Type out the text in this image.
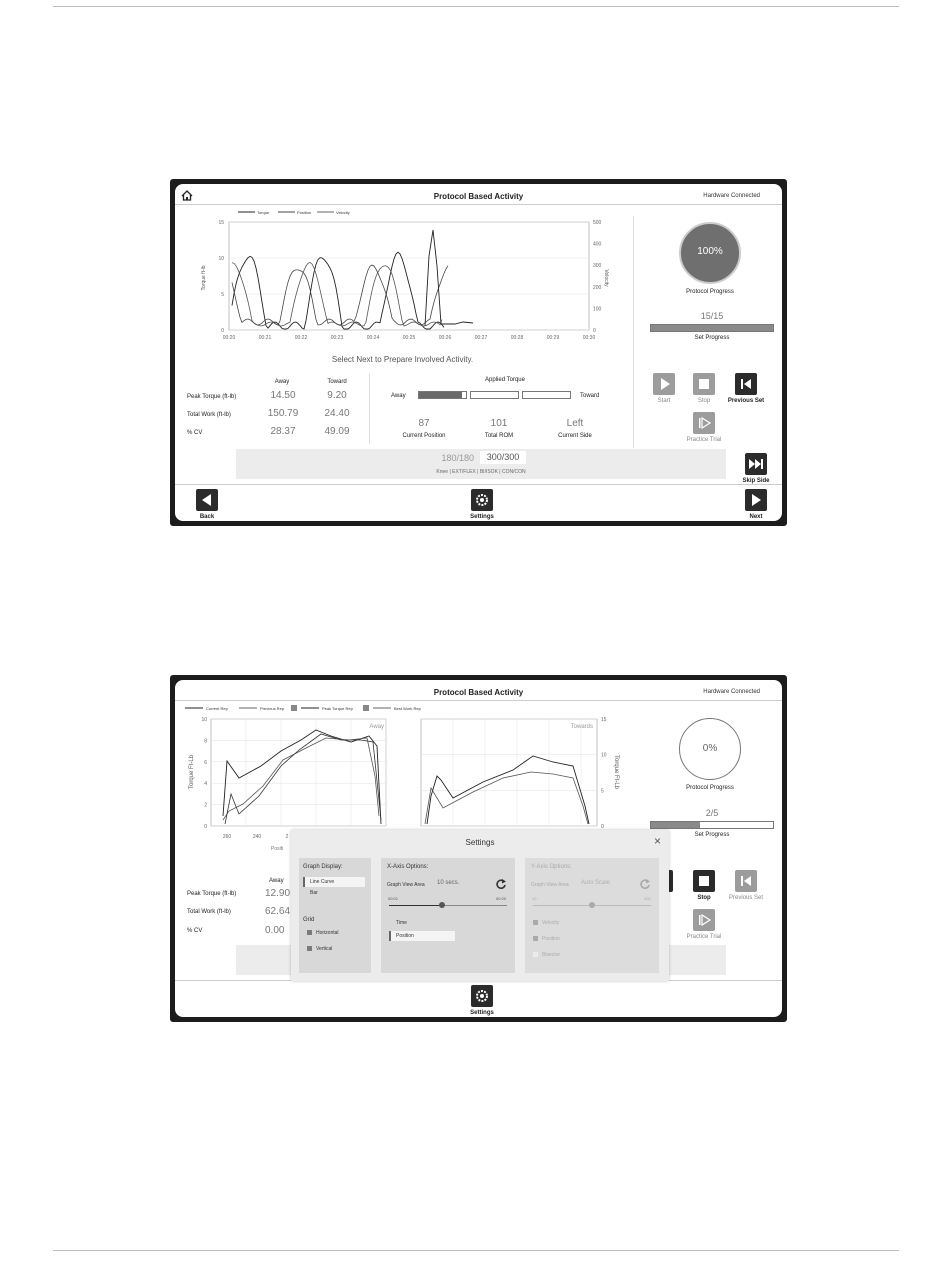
Protocol Based Activity	Hardware Connected
Torque	Position	Velocity
15
10
5
0
500
400
300
200
100
0
00:20	00:21	00:22	00:23	00:24	00:25	00:26	00:27	00:28	00:29	00:30
Torque ft-lb	Velocity
100%
Protocol Progress
15/15
Set Progress
Select Next to Prepare Involved Activity.
Away	Toward
Peak Torque (ft-lb)	14.50	9.20
Total Work (ft-lb)	150.79	24.40
% CV	28.37	49.09
Applied Torque
Away	Toward
87
Current Position
101
Total ROM
Left
Current Side
Start	Stop	Previous Set
Practice Trial
180/180	300/300
Knee | EXT/FLEX | BI/ISOK | CON/CON
Skip Side
Back	Settings	Next
Protocol Based Activity	Hardware Connected
Current Rep	Previous Rep	Peak Torque Rep	Best Work Rep
10
8
6
4
2
0
260	240	2
Away
Torque Ft-Lb
Positi
15
10
5
0
Towards
Torque Ft-Lb
0%
Protocol Progress
2/5
Set Progress
Away
Peak Torque (ft-lb)	12.90
Total Work (ft-lb)	62.64
% CV	0.00
Stop	Previous Set
Practice Trial
Settings
Settings	×
Graph Display:
Line Curve
Bar
Grid
Horizontal
Vertical
X-Axis Options:
Graph View Area 10 secs.
00:01	00:20
Time
Position
Y-Axis Options:
Graph View Area Auto Scale
10	400
Velocity
Position
Bisector
